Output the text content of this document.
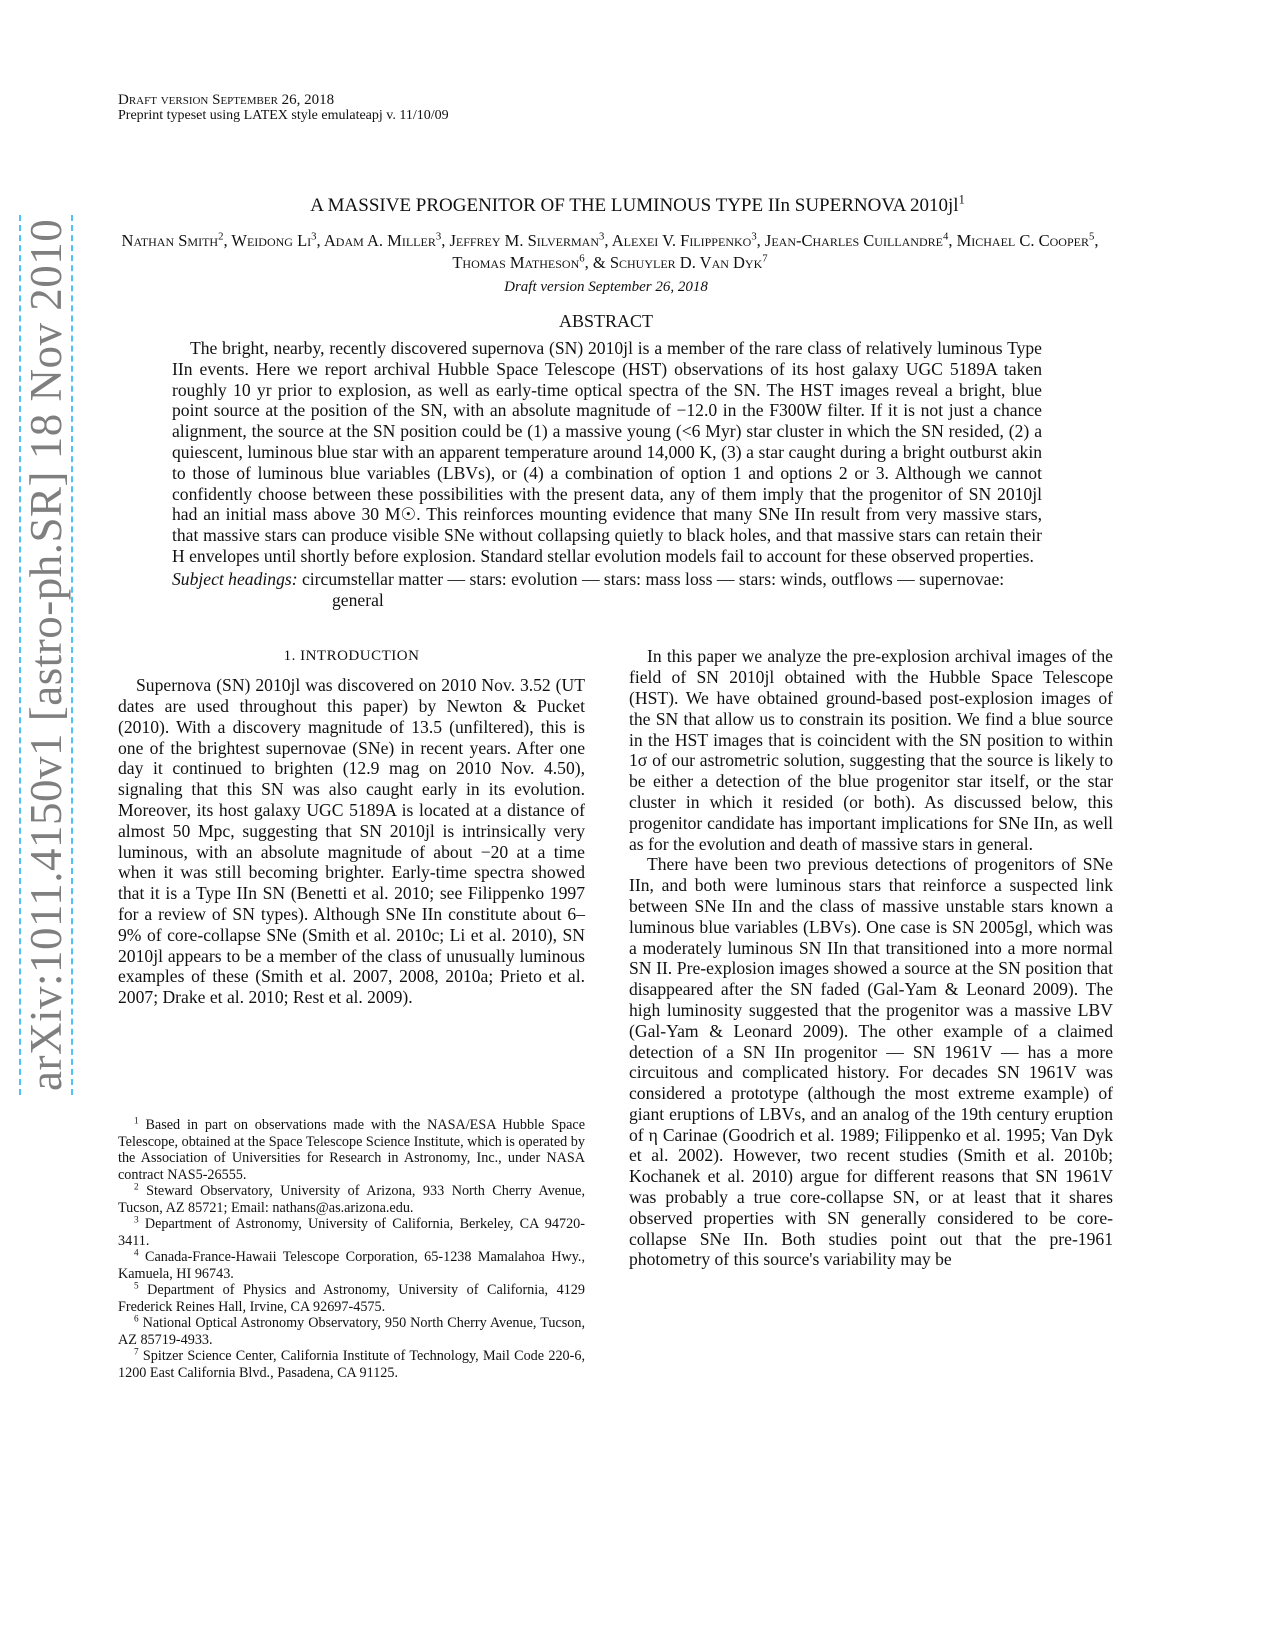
arXiv:1011.4150v1 [astro-ph.SR] 18 Nov 2010
Draft version September 26, 2018
Preprint typeset using LATEX style emulateapj v. 11/10/09
A MASSIVE PROGENITOR OF THE LUMINOUS TYPE IIn SUPERNOVA $2010jl^1$
Nathan Smith$^2$, Weidong Li$^3$, Adam A. Miller$^3$, Jeffrey M. Silverman$^3$, Alexei V. Filippenko$^3$, Jean-Charles Cuillandre$^4$, Michael C. Cooper$^5$, Thomas Matheson$^6$, & Schuyler D. Van Dyk$^7$
Draft version September 26, 2018
ABSTRACT
The bright, nearby, recently discovered supernova (SN) 2010jl is a member of the rare class of relatively luminous Type IIn events. Here we report archival Hubble Space Telescope (HST) observations of its host galaxy UGC 5189A taken roughly 10 yr prior to explosion, as well as early-time optical spectra of the SN. The HST images reveal a bright, blue point source at the position of the SN, with an absolute magnitude of −12.0 in the F300W filter. If it is not just a chance alignment, the source at the SN position could be (1) a massive young (<6 Myr) star cluster in which the SN resided, (2) a quiescent, luminous blue star with an apparent temperature around 14,000 K, (3) a star caught during a bright outburst akin to those of luminous blue variables (LBVs), or (4) a combination of option 1 and options 2 or 3. Although we cannot confidently choose between these possibilities with the present data, any of them imply that the progenitor of SN 2010jl had an initial mass above 30 M☉. This reinforces mounting evidence that many SNe IIn result from very massive stars, that massive stars can produce visible SNe without collapsing quietly to black holes, and that massive stars can retain their H envelopes until shortly before explosion. Standard stellar evolution models fail to account for these observed properties.
Subject headings: circumstellar matter — stars: evolution — stars: mass loss — stars: winds, outflows — supernovae: general

1. INTRODUCTION

Supernova (SN) 2010jl was discovered on 2010 Nov. 3.52 (UT dates are used throughout this paper) by Newton & Pucket (2010). With a discovery magnitude of 13.5 (unfiltered), this is one of the brightest supernovae (SNe) in recent years. After one day it continued to brighten (12.9 mag on 2010 Nov. 4.50), signaling that this SN was also caught early in its evolution. Moreover, its host galaxy UGC 5189A is located at a distance of almost 50 Mpc, suggesting that SN 2010jl is intrinsically very luminous, with an absolute magnitude of about −20 at a time when it was still becoming brighter. Early-time spectra showed that it is a Type IIn SN (Benetti et al. 2010; see Filippenko 1997 for a review of SN types). Although SNe IIn constitute about 6–9% of core-collapse SNe (Smith et al. 2010c; Li et al. 2010), SN 2010jl appears to be a member of the class of unusually luminous examples of these (Smith et al. 2007, 2008, 2010a; Prieto et al. 2007; Drake et al. 2010; Rest et al. 2009).

$^1$ Based in part on observations made with the NASA/ESA Hubble Space Telescope, obtained at the Space Telescope Science Institute, which is operated by the Association of Universities for Research in Astronomy, Inc., under NASA contract NAS5-26555.

$^2$ Steward Observatory, University of Arizona, 933 North Cherry Avenue, Tucson, AZ 85721; Email: nathans@as.arizona.edu.

$^3$ Department of Astronomy, University of California, Berkeley, CA 94720-3411.

$^4$ Canada-France-Hawaii Telescope Corporation, 65-1238 Mamalahoa Hwy., Kamuela, HI 96743.

$^5$ Department of Physics and Astronomy, University of California, 4129 Frederick Reines Hall, Irvine, CA 92697-4575.

$^6$ National Optical Astronomy Observatory, 950 North Cherry Avenue, Tucson, AZ 85719-4933.

$^7$ Spitzer Science Center, California Institute of Technology, Mail Code 220-6, 1200 East California Blvd., Pasadena, CA 91125.

In this paper we analyze the pre-explosion archival images of the field of SN 2010jl obtained with the Hubble Space Telescope (HST). We have obtained ground-based post-explosion images of the SN that allow us to constrain its position. We find a blue source in the HST images that is coincident with the SN position to within 1σ of our astrometric solution, suggesting that the source is likely to be either a detection of the blue progenitor star itself, or the star cluster in which it resided (or both). As discussed below, this progenitor candidate has important implications for SNe IIn, as well as for the evolution and death of massive stars in general.

There have been two previous detections of progenitors of SNe IIn, and both were luminous stars that reinforce a suspected link between SNe IIn and the class of massive unstable stars known a luminous blue variables (LBVs). One case is SN 2005gl, which was a moderately luminous SN IIn that transitioned into a more normal SN II. Pre-explosion images showed a source at the SN position that disappeared after the SN faded (Gal-Yam & Leonard 2009). The high luminosity suggested that the progenitor was a massive LBV (Gal-Yam & Leonard 2009). The other example of a claimed detection of a SN IIn progenitor — SN 1961V — has a more circuitous and complicated history. For decades SN 1961V was considered a prototype (although the most extreme example) of giant eruptions of LBVs, and an analog of the 19th century eruption of η Carinae (Goodrich et al. 1989; Filippenko et al. 1995; Van Dyk et al. 2002). However, two recent studies (Smith et al. 2010b; Kochanek et al. 2010) argue for different reasons that SN 1961V was probably a true core-collapse SN, or at least that it shares observed properties with SN generally considered to be core-collapse SNe IIn. Both studies point out that the pre-1961 photometry of this source's variability may be
